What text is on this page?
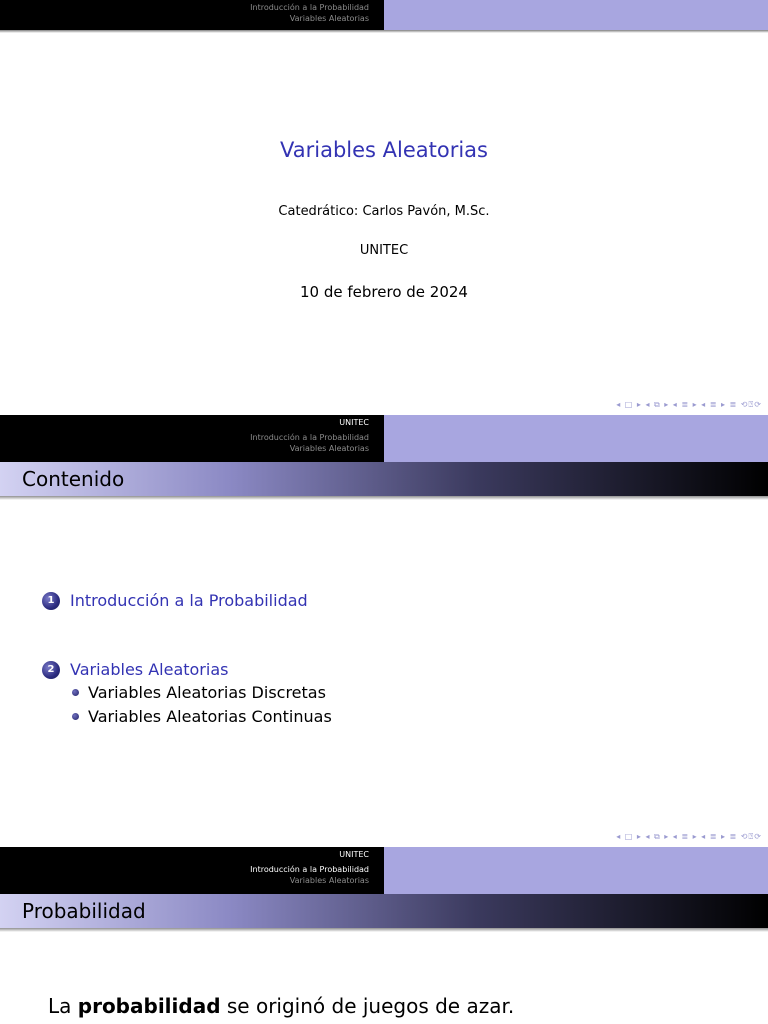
Introducción a la Probabilidad
Variables Aleatorias
Variables Aleatorias
Catedrático: Carlos Pavón, M.Sc.
UNITEC
10 de febrero de 2024
◂ □ ▸ ◂ ⧉ ▸ ◂ ≣ ▸ ◂ ≣ ▸ ≣ ⟲⍰⟳
UNITEC
Introducción a la Probabilidad
Variables Aleatorias
Contenido
1 Introducción a la Probabilidad
2 Variables Aleatorias
Variables Aleatorias Discretas
Variables Aleatorias Continuas
◂ □ ▸ ◂ ⧉ ▸ ◂ ≣ ▸ ◂ ≣ ▸ ≣ ⟲⍰⟳
UNITEC
Introducción a la Probabilidad
Variables Aleatorias
Probabilidad
La probabilidad se originó de juegos de azar.
